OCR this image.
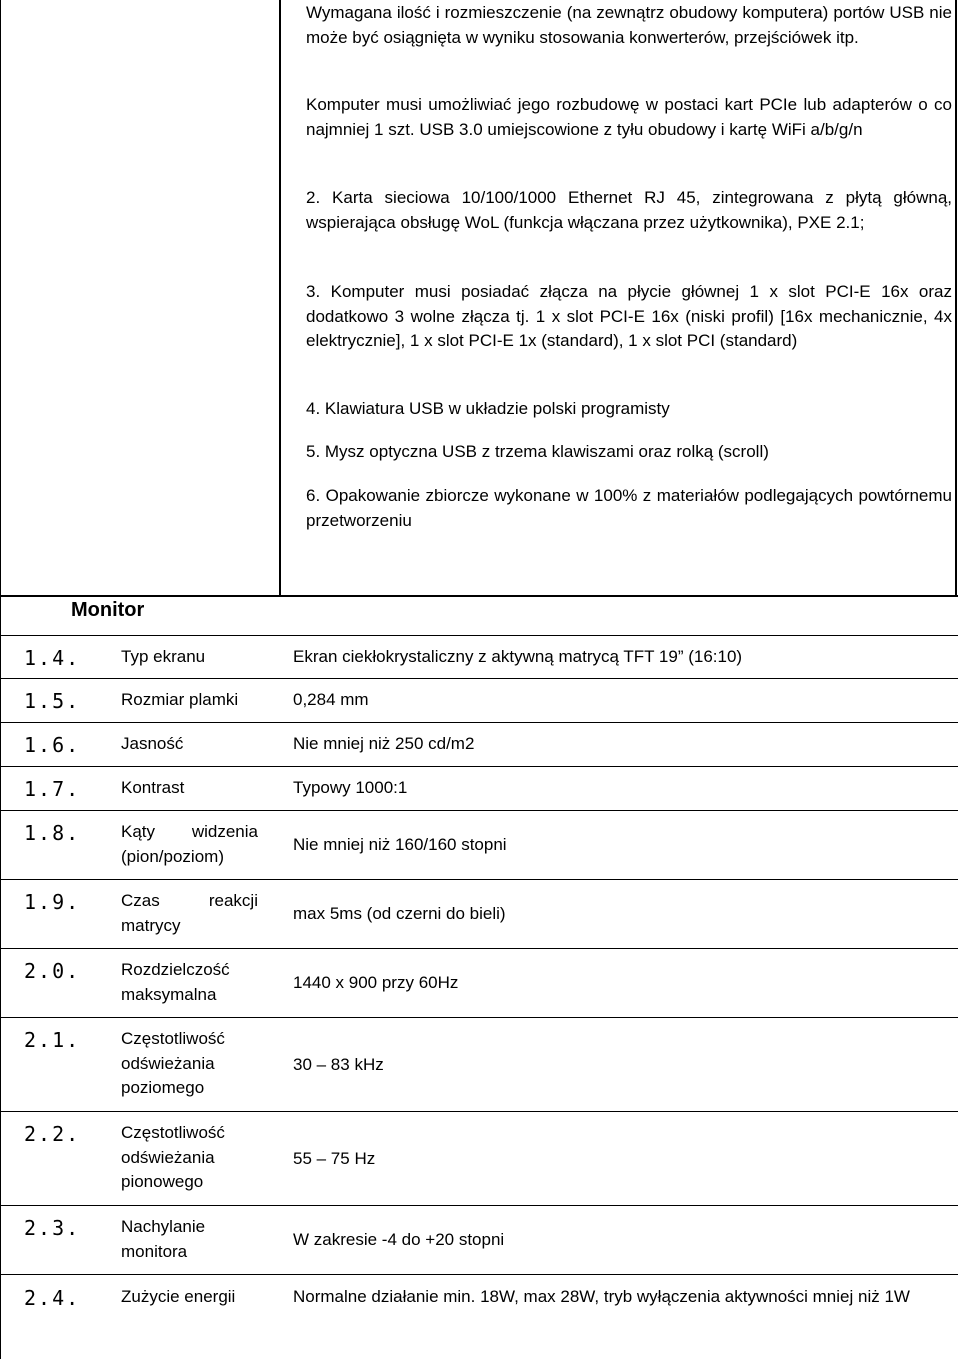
Wymagana ilość i rozmieszczenie (na zewnątrz obudowy komputera) portów USB nie może być osiągnięta w wyniku stosowania konwerterów, przejściówek itp.

Komputer musi umożliwiać jego rozbudowę w postaci kart PCIe lub adapterów o co najmniej 1 szt. USB 3.0 umiejscowione z tyłu obudowy i kartę WiFi a/b/g/n

2. Karta sieciowa 10/100/1000 Ethernet RJ 45, zintegrowana z płytą główną, wspierająca obsługę WoL (funkcja włączana przez użytkownika), PXE 2.1;

3. Komputer musi posiadać złącza na płycie głównej 1 x slot PCI-E 16x oraz dodatkowo 3 wolne złącza tj. 1 x slot PCI-E 16x (niski profil) [16x mechanicznie, 4x elektrycznie], 1 x slot PCI-E 1x (standard), 1 x slot PCI (standard)

4. Klawiatura USB w układzie polski programisty

5. Mysz optyczna USB z trzema klawiszami oraz rolką (scroll)

6. Opakowanie zbiorcze wykonane w 100% z materiałów podlegających powtórnemu przetworzeniu

Monitor
1.4. Typ ekranu	Ekran ciekłokrystaliczny z aktywną matrycą TFT 19” (16:10)
1.5. Rozmiar plamki	0,284 mm
1.6. Jasność	Nie mniej niż 250 cd/m2
1.7. Kontrast	Typowy 1000:1
1.8. Kąty widzenia (pion/poziom)

Nie mniej niż 160/160 stopni
1.9. Czas reakcji matrycy

max 5ms (od czerni do bieli)
2.0. Rozdzielczość maksymalna

1440 x 900 przy 60Hz
2.1. Częstotliwość odświeżania poziomego

30 – 83 kHz
2.2. Częstotliwość odświeżania pionowego

55 – 75 Hz
2.3. Nachylanie monitora

W zakresie -4 do +20 stopni
2.4. Zużycie energii	Normalne działanie min. 18W, max 28W, tryb wyłączenia aktywności mniej niż 1W
